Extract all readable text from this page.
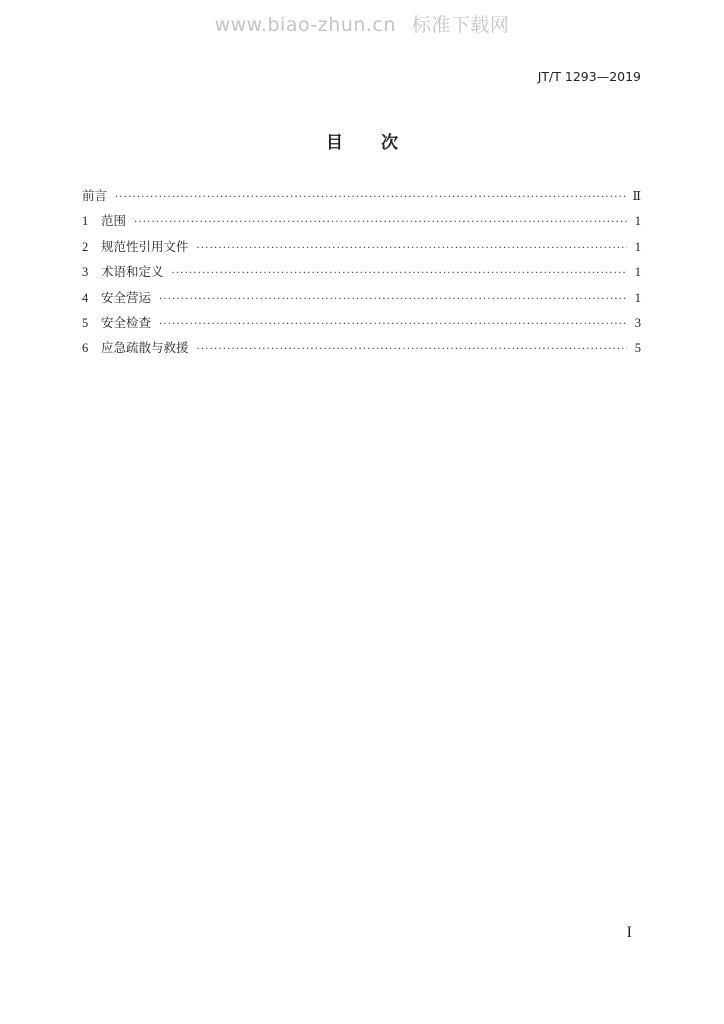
www.biao-zhun.cn 标准下载网
JT/T 1293—2019
目次
前言 ·····	Ⅱ
1	范围 ·····	1
2	规范性引用文件 ·····	1
3	术语和定义 ·····	1
4	安全营运 ·····	1
5	安全检查 ·····	3
6	应急疏散与救援 ·····	5
I
